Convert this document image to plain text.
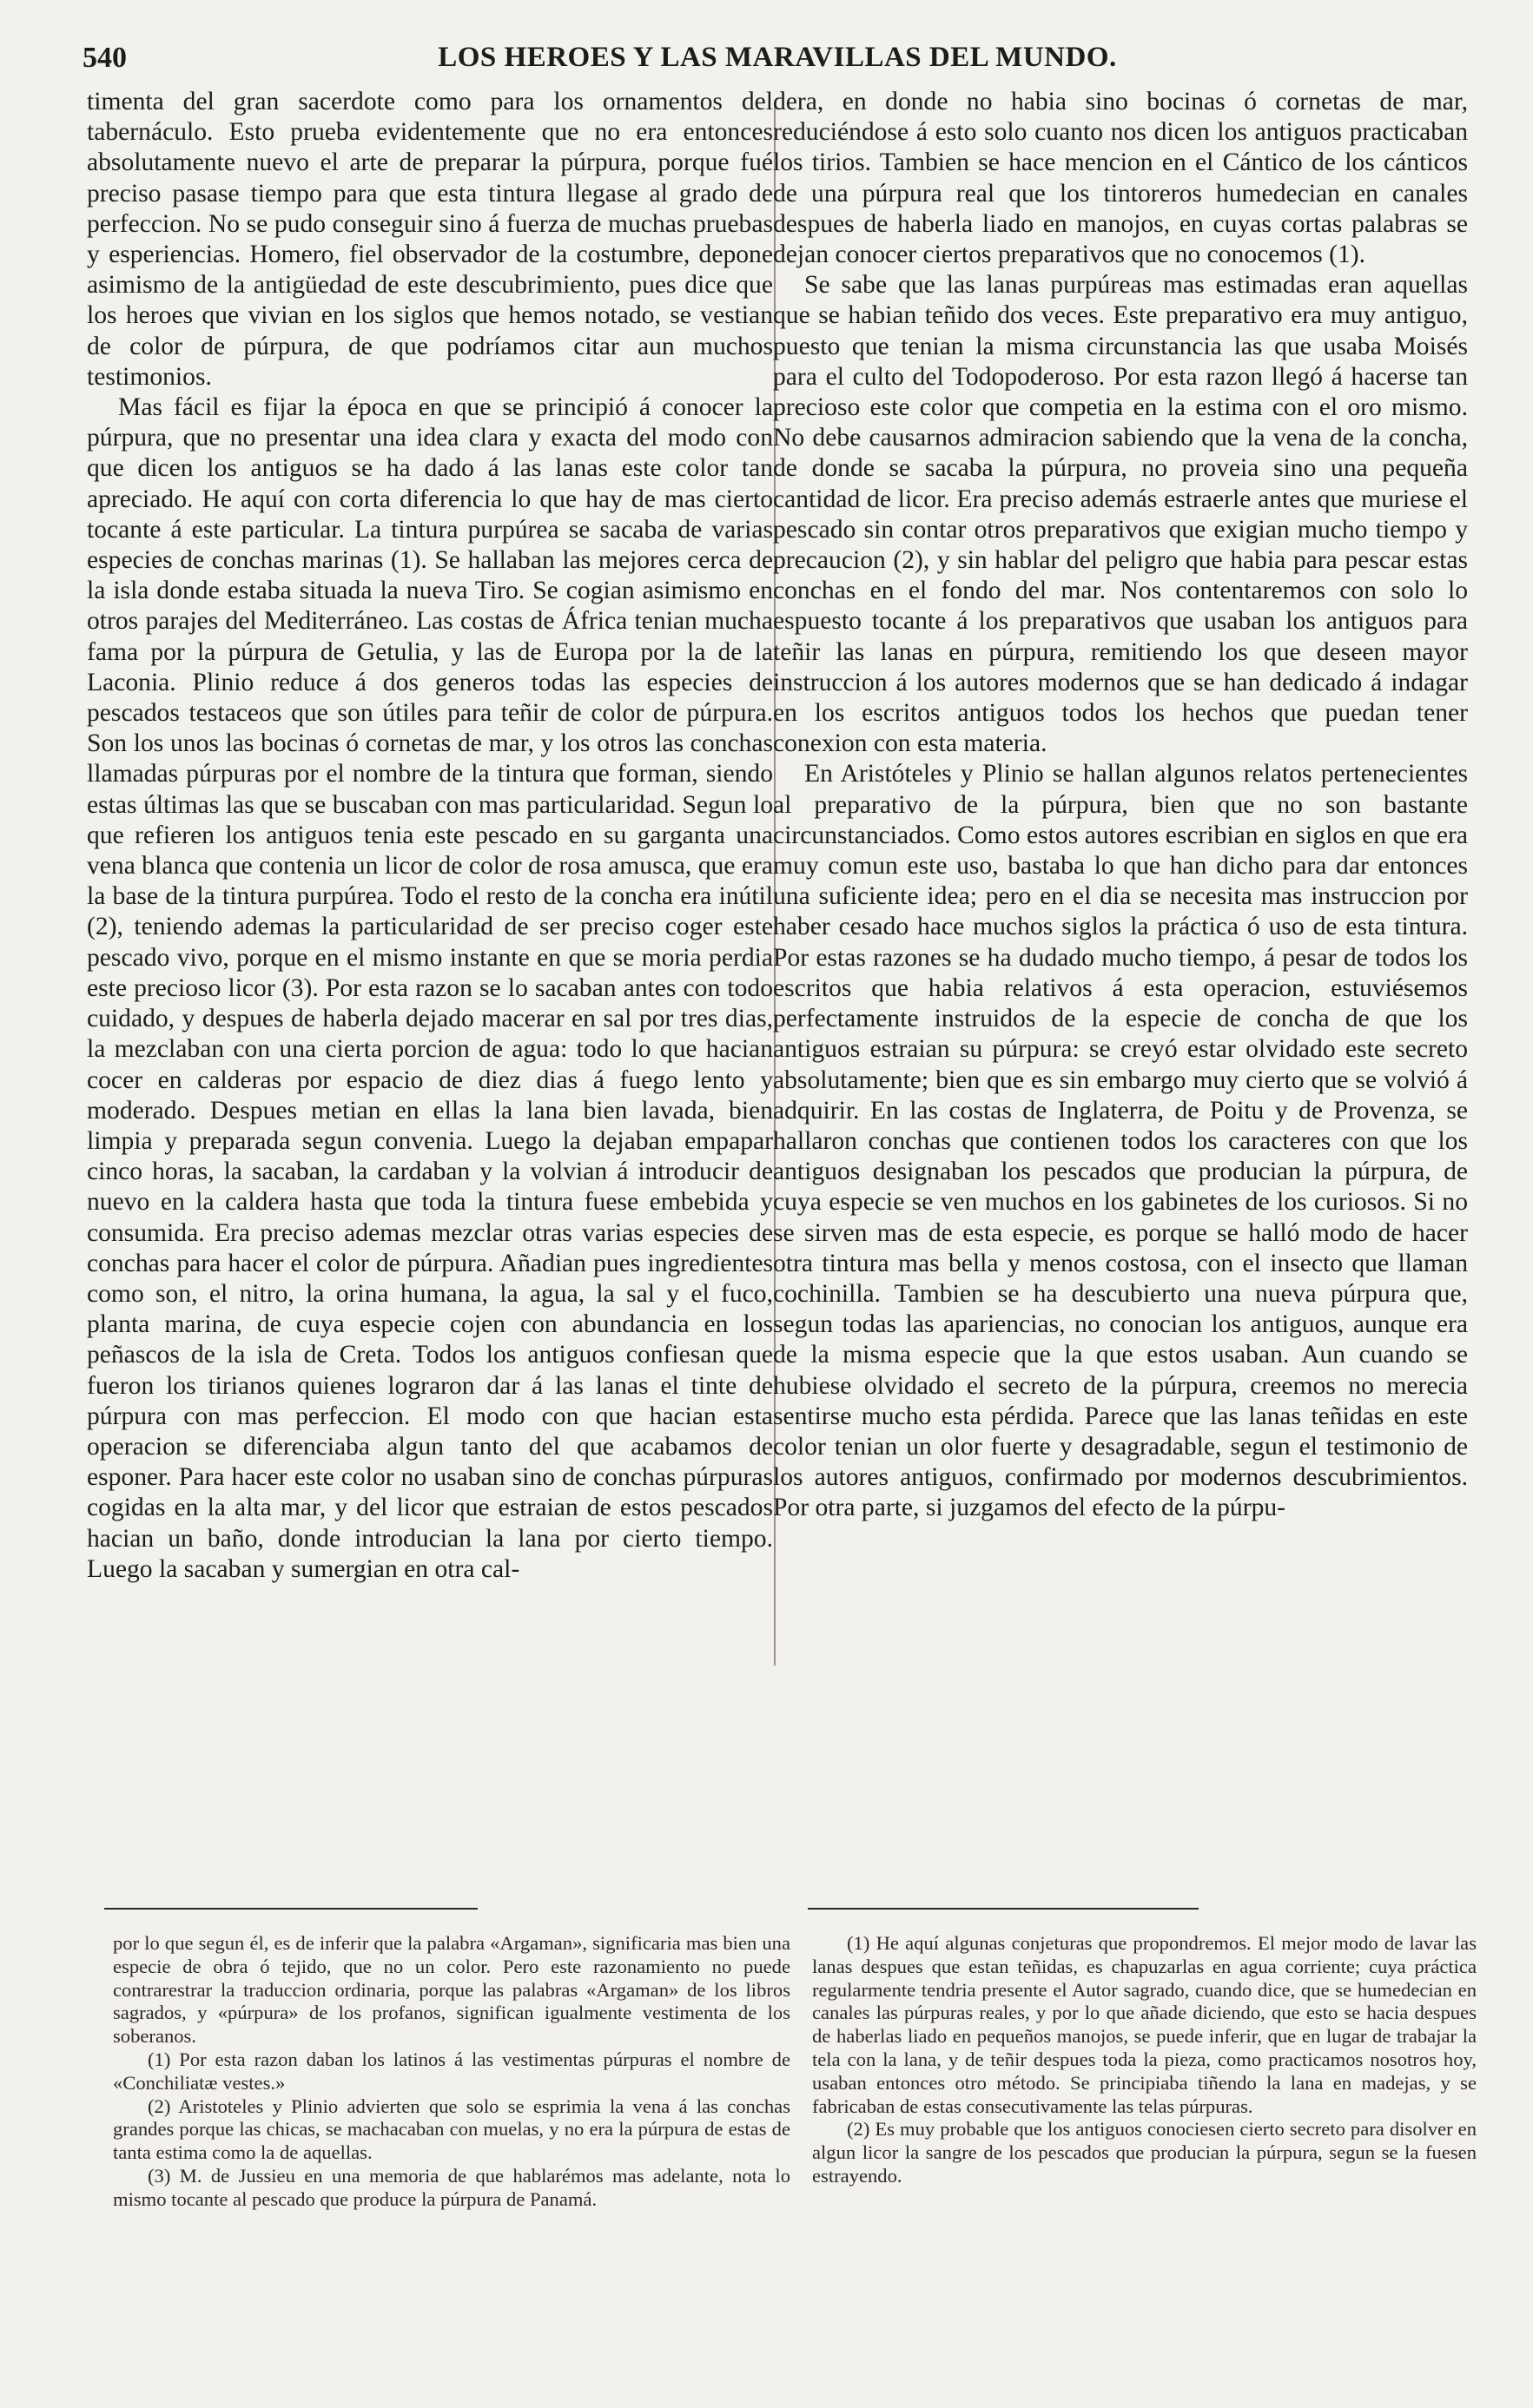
540	LOS HEROES Y LAS MARAVILLAS DEL MUNDO.

timenta del gran sacerdote como para los ornamentos del tabernáculo. Esto prueba evidentemente que no era entonces absolutamente nuevo el arte de preparar la púrpura, porque fué preciso pasase tiempo para que esta tintura llegase al grado de perfeccion. No se pudo conseguir sino á fuerza de muchas pruebas y esperiencias. Homero, fiel observador de la costumbre, depone asimismo de la antigüedad de este descubrimiento, pues dice que los heroes que vivian en los siglos que hemos notado, se vestian de color de púrpura, de que podríamos citar aun muchos testimonios.

Mas fácil es fijar la época en que se principió á conocer la púrpura, que no presentar una idea clara y exacta del modo con que dicen los antiguos se ha dado á las lanas este color tan apreciado. He aquí con corta diferencia lo que hay de mas cierto tocante á este particular. La tintura purpúrea se sacaba de varias especies de conchas marinas (1). Se hallaban las mejores cerca de la isla donde estaba situada la nueva Tiro. Se cogian asimismo en otros parajes del Mediterráneo. Las costas de África tenian mucha fama por la púrpura de Getulia, y las de Europa por la de la Laconia. Plinio reduce á dos generos todas las especies de pescados testaceos que son útiles para teñir de color de púrpura. Son los unos las bocinas ó cornetas de mar, y los otros las conchas llamadas púrpuras por el nombre de la tintura que forman, siendo estas últimas las que se buscaban con mas particularidad. Segun lo que refieren los antiguos tenia este pescado en su garganta una vena blanca que contenia un licor de color de rosa amusca, que era la base de la tintura purpúrea. Todo el resto de la concha era inútil (2), teniendo ademas la particularidad de ser preciso coger este pescado vivo, porque en el mismo instante en que se moria perdia este precioso licor (3). Por esta razon se lo sacaban antes con todo cuidado, y despues de haberla dejado macerar en sal por tres dias, la mezclaban con una cierta porcion de agua: todo lo que hacian cocer en calderas por espacio de diez dias á fuego lento y moderado. Despues metian en ellas la lana bien lavada, bien limpia y preparada segun convenia. Luego la dejaban empapar cinco horas, la sacaban, la cardaban y la volvian á introducir de nuevo en la caldera hasta que toda la tintura fuese embebida y consumida. Era preciso ademas mezclar otras varias especies de conchas para hacer el color de púrpura. Añadian pues ingredientes como son, el nitro, la orina humana, la agua, la sal y el fuco, planta marina, de cuya especie cojen con abundancia en los peñascos de la isla de Creta. Todos los antiguos confiesan que fueron los tirianos quienes lograron dar á las lanas el tinte de púrpura con mas perfeccion. El modo con que hacian esta operacion se diferenciaba algun tanto del que acabamos de esponer. Para hacer este color no usaban sino de conchas púrpuras cogidas en la alta mar, y del licor que estraian de estos pescados hacian un baño, donde introducian la lana por cierto tiempo. Luego la sacaban y sumergian en otra cal-

dera, en donde no habia sino bocinas ó cornetas de mar, reduciéndose á esto solo cuanto nos dicen los antiguos practicaban los tirios. Tambien se hace mencion en el Cántico de los cánticos de una púrpura real que los tintoreros humedecian en canales despues de haberla liado en manojos, en cuyas cortas palabras se dejan conocer ciertos preparativos que no conocemos (1).

Se sabe que las lanas purpúreas mas estimadas eran aquellas que se habian teñido dos veces. Este preparativo era muy antiguo, puesto que tenian la misma circunstancia las que usaba Moisés para el culto del Todopoderoso. Por esta razon llegó á hacerse tan precioso este color que competia en la estima con el oro mismo. No debe causarnos admiracion sabiendo que la vena de la concha, de donde se sacaba la púrpura, no proveia sino una pequeña cantidad de licor. Era preciso además estraerle antes que muriese el pescado sin contar otros preparativos que exigian mucho tiempo y precaucion (2), y sin hablar del peligro que habia para pescar estas conchas en el fondo del mar. Nos contentaremos con solo lo espuesto tocante á los preparativos que usaban los antiguos para teñir las lanas en púrpura, remitiendo los que deseen mayor instruccion á los autores modernos que se han dedicado á indagar en los escritos antiguos todos los hechos que puedan tener conexion con esta materia.

En Aristóteles y Plinio se hallan algunos relatos pertenecientes al preparativo de la púrpura, bien que no son bastante circunstanciados. Como estos autores escribian en siglos en que era muy comun este uso, bastaba lo que han dicho para dar entonces una suficiente idea; pero en el dia se necesita mas instruccion por haber cesado hace muchos siglos la práctica ó uso de esta tintura. Por estas razones se ha dudado mucho tiempo, á pesar de todos los escritos que habia relativos á esta operacion, estuviésemos perfectamente instruidos de la especie de concha de que los antiguos estraian su púrpura: se creyó estar olvidado este secreto absolutamente; bien que es sin embargo muy cierto que se volvió á adquirir. En las costas de Inglaterra, de Poitu y de Provenza, se hallaron conchas que contienen todos los caracteres con que los antiguos designaban los pescados que producian la púrpura, de cuya especie se ven muchos en los gabinetes de los curiosos. Si no se sirven mas de esta especie, es porque se halló modo de hacer otra tintura mas bella y menos costosa, con el insecto que llaman cochinilla. Tambien se ha descubierto una nueva púrpura que, segun todas las apariencias, no conocian los antiguos, aunque era de la misma especie que la que estos usaban. Aun cuando se hubiese olvidado el secreto de la púrpura, creemos no merecia sentirse mucho esta pérdida. Parece que las lanas teñidas en este color tenian un olor fuerte y desagradable, segun el testimonio de los autores antiguos, confirmado por modernos descubrimientos. Por otra parte, si juzgamos del efecto de la púrpu-

por lo que segun él, es de inferir que la palabra «Argaman», significaria mas bien una especie de obra ó tejido, que no un color. Pero este razonamiento no puede contrarestrar la traduccion ordinaria, porque las palabras «Argaman» de los libros sagrados, y «púrpura» de los profanos, significan igualmente vestimenta de los soberanos.

(1) Por esta razon daban los latinos á las vestimentas púrpuras el nombre de «Conchiliatæ vestes.»

(2) Aristoteles y Plinio advierten que solo se esprimia la vena á las conchas grandes porque las chicas, se machacaban con muelas, y no era la púrpura de estas de tanta estima como la de aquellas.

(3) M. de Jussieu en una memoria de que hablarémos mas adelante, nota lo mismo tocante al pescado que produce la púrpura de Panamá.

(1) He aquí algunas conjeturas que propondremos. El mejor modo de lavar las lanas despues que estan teñidas, es chapuzarlas en agua corriente; cuya práctica regularmente tendria presente el Autor sagrado, cuando dice, que se humedecian en canales las púrpuras reales, y por lo que añade diciendo, que esto se hacia despues de haberlas liado en pequeños manojos, se puede inferir, que en lugar de trabajar la tela con la lana, y de teñir despues toda la pieza, como practicamos nosotros hoy, usaban entonces otro método. Se principiaba tiñendo la lana en madejas, y se fabricaban de estas consecutivamente las telas púrpuras.

(2) Es muy probable que los antiguos conociesen cierto secreto para disolver en algun licor la sangre de los pescados que producian la púrpura, segun se la fuesen estrayendo.
